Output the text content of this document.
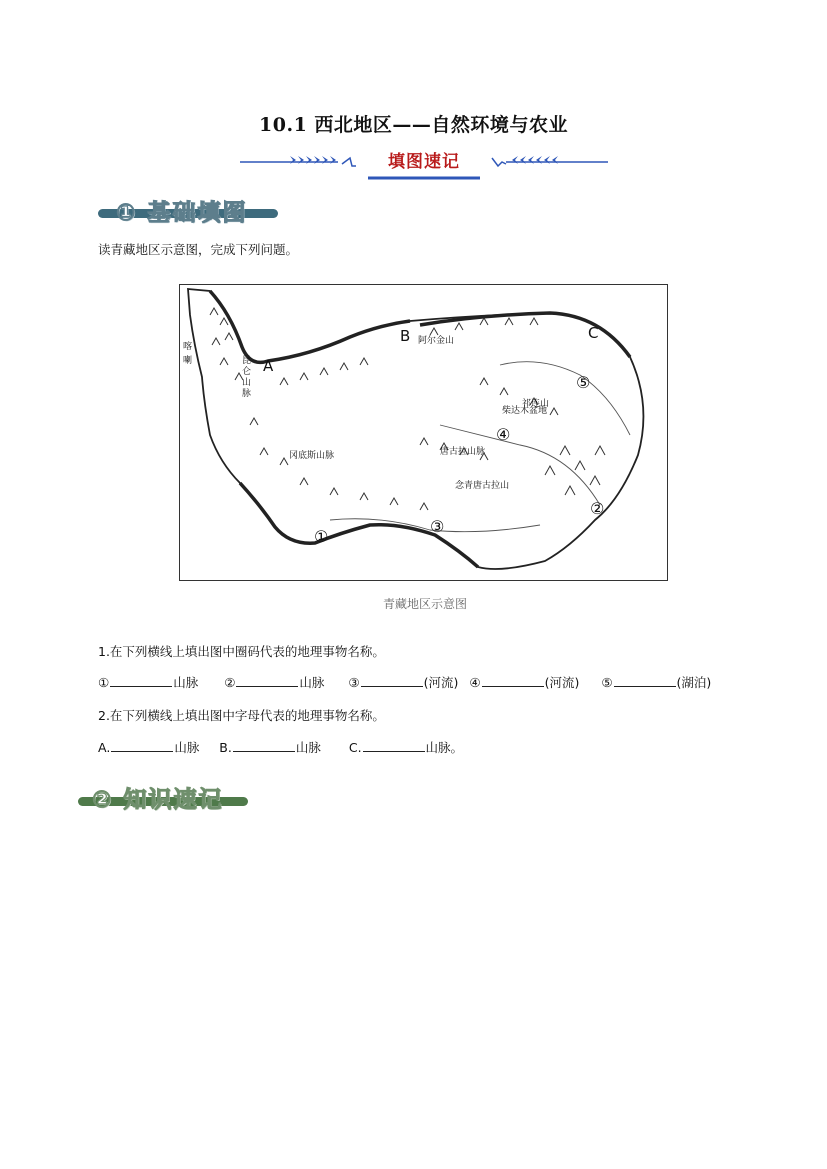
10.1 西北地区——自然环境与农业
填图速记
① 基础填图
读青藏地区示意图，完成下列问题。
A
B	C
①
②
③
④
⑤
喀
喇	昆
仑
山
脉
冈底斯山脉
阿尔金山
祁连山
唐古拉山脉
念青唐古拉山
柴达木盆地
青藏地区示意图
1.在下列横线上填出图中圈码代表的地理事物名称。
①	山脉 ②	山脉 ③	(河流) ④	(河流) ⑤	(湖泊)
2.在下列横线上填出图中字母代表的地理事物名称。
A.	山脉 B.	山脉 C.	山脉。
② 知识速记
